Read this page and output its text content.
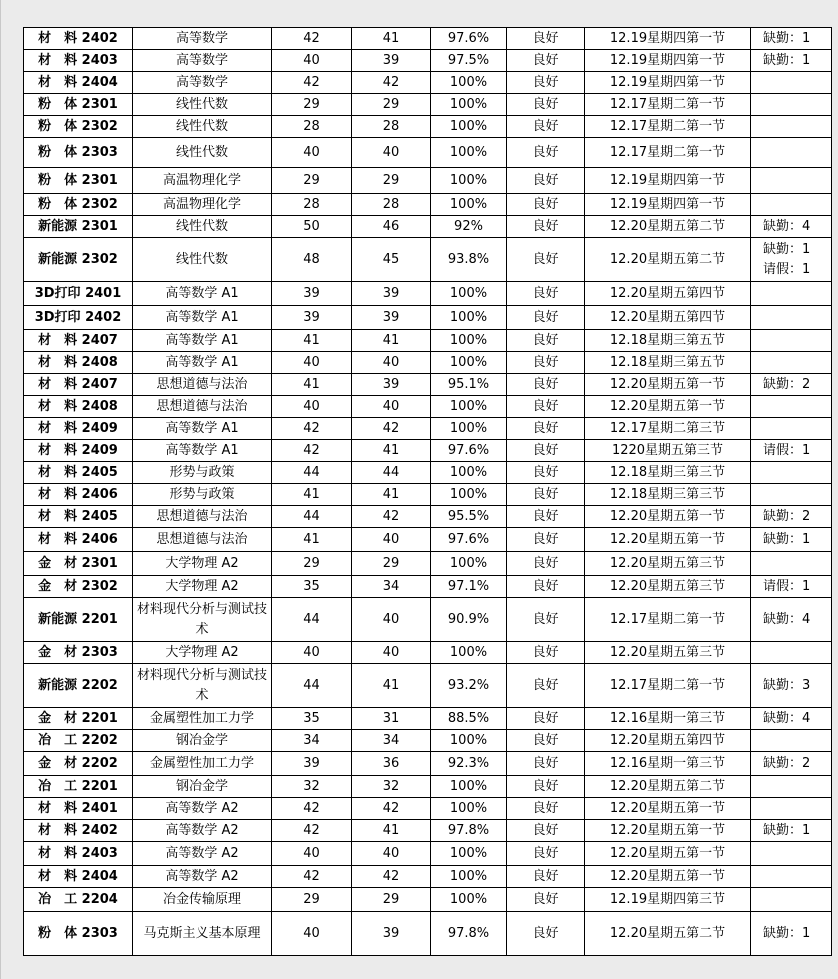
材　料 2402	高等数学	42	41	97.6%	良好	12.19星期四第一节	缺勤：1
材　料 2403	高等数学	40	39	97.5%	良好	12.19星期四第一节	缺勤：1
材　料 2404	高等数学	42	42	100%	良好	12.19星期四第一节	
粉　体 2301	线性代数	29	29	100%	良好	12.17星期二第一节	
粉　体 2302	线性代数	28	28	100%	良好	12.17星期二第一节	
粉　体 2303	线性代数	40	40	100%	良好	12.17星期二第一节	
粉　体 2301	高温物理化学	29	29	100%	良好	12.19星期四第一节	
粉　体 2302	高温物理化学	28	28	100%	良好	12.19星期四第一节	
新能源 2301	线性代数	50	46	92%	良好	12.20星期五第二节	缺勤：4
新能源 2302	线性代数	48	45	93.8%	良好	12.20星期五第二节	缺勤：1
请假：1
3D打印 2401	高等数学 A1	39	39	100%	良好	12.20星期五第四节	
3D打印 2402	高等数学 A1	39	39	100%	良好	12.20星期五第四节	
材　料 2407	高等数学 A1	41	41	100%	良好	12.18星期三第五节	
材　料 2408	高等数学 A1	40	40	100%	良好	12.18星期三第五节	
材　料 2407	思想道德与法治	41	39	95.1%	良好	12.20星期五第一节	缺勤：2
材　料 2408	思想道德与法治	40	40	100%	良好	12.20星期五第一节	
材　料 2409	高等数学 A1	42	42	100%	良好	12.17星期二第三节	
材　料 2409	高等数学 A1	42	41	97.6%	良好	1220星期五第三节	请假：1
材　料 2405	形势与政策	44	44	100%	良好	12.18星期三第三节	
材　料 2406	形势与政策	41	41	100%	良好	12.18星期三第三节	
材　料 2405	思想道德与法治	44	42	95.5%	良好	12.20星期五第一节	缺勤：2
材　料 2406	思想道德与法治	41	40	97.6%	良好	12.20星期五第一节	缺勤：1
金　材 2301	大学物理 A2	29	29	100%	良好	12.20星期五第三节	
金　材 2302	大学物理 A2	35	34	97.1%	良好	12.20星期五第三节	请假：1
新能源 2201	材料现代分析与测试技术	44	40	90.9%	良好	12.17星期二第一节	缺勤：4
金　材 2303	大学物理 A2	40	40	100%	良好	12.20星期五第三节	
新能源 2202	材料现代分析与测试技术	44	41	93.2%	良好	12.17星期二第一节	缺勤：3
金　材 2201	金属塑性加工力学	35	31	88.5%	良好	12.16星期一第三节	缺勤：4
冶　工 2202	钢冶金学	34	34	100%	良好	12.20星期五第四节	
金　材 2202	金属塑性加工力学	39	36	92.3%	良好	12.16星期一第三节	缺勤：2
冶　工 2201	钢冶金学	32	32	100%	良好	12.20星期五第二节	
材　料 2401	高等数学 A2	42	42	100%	良好	12.20星期五第一节	
材　料 2402	高等数学 A2	42	41	97.8%	良好	12.20星期五第一节	缺勤：1
材　料 2403	高等数学 A2	40	40	100%	良好	12.20星期五第一节	
材　料 2404	高等数学 A2	42	42	100%	良好	12.20星期五第一节	
冶　工 2204	冶金传输原理	29	29	100%	良好	12.19星期四第三节	
粉　体 2303	马克斯主义基本原理	40	39	97.8%	良好	12.20星期五第二节	缺勤：1
